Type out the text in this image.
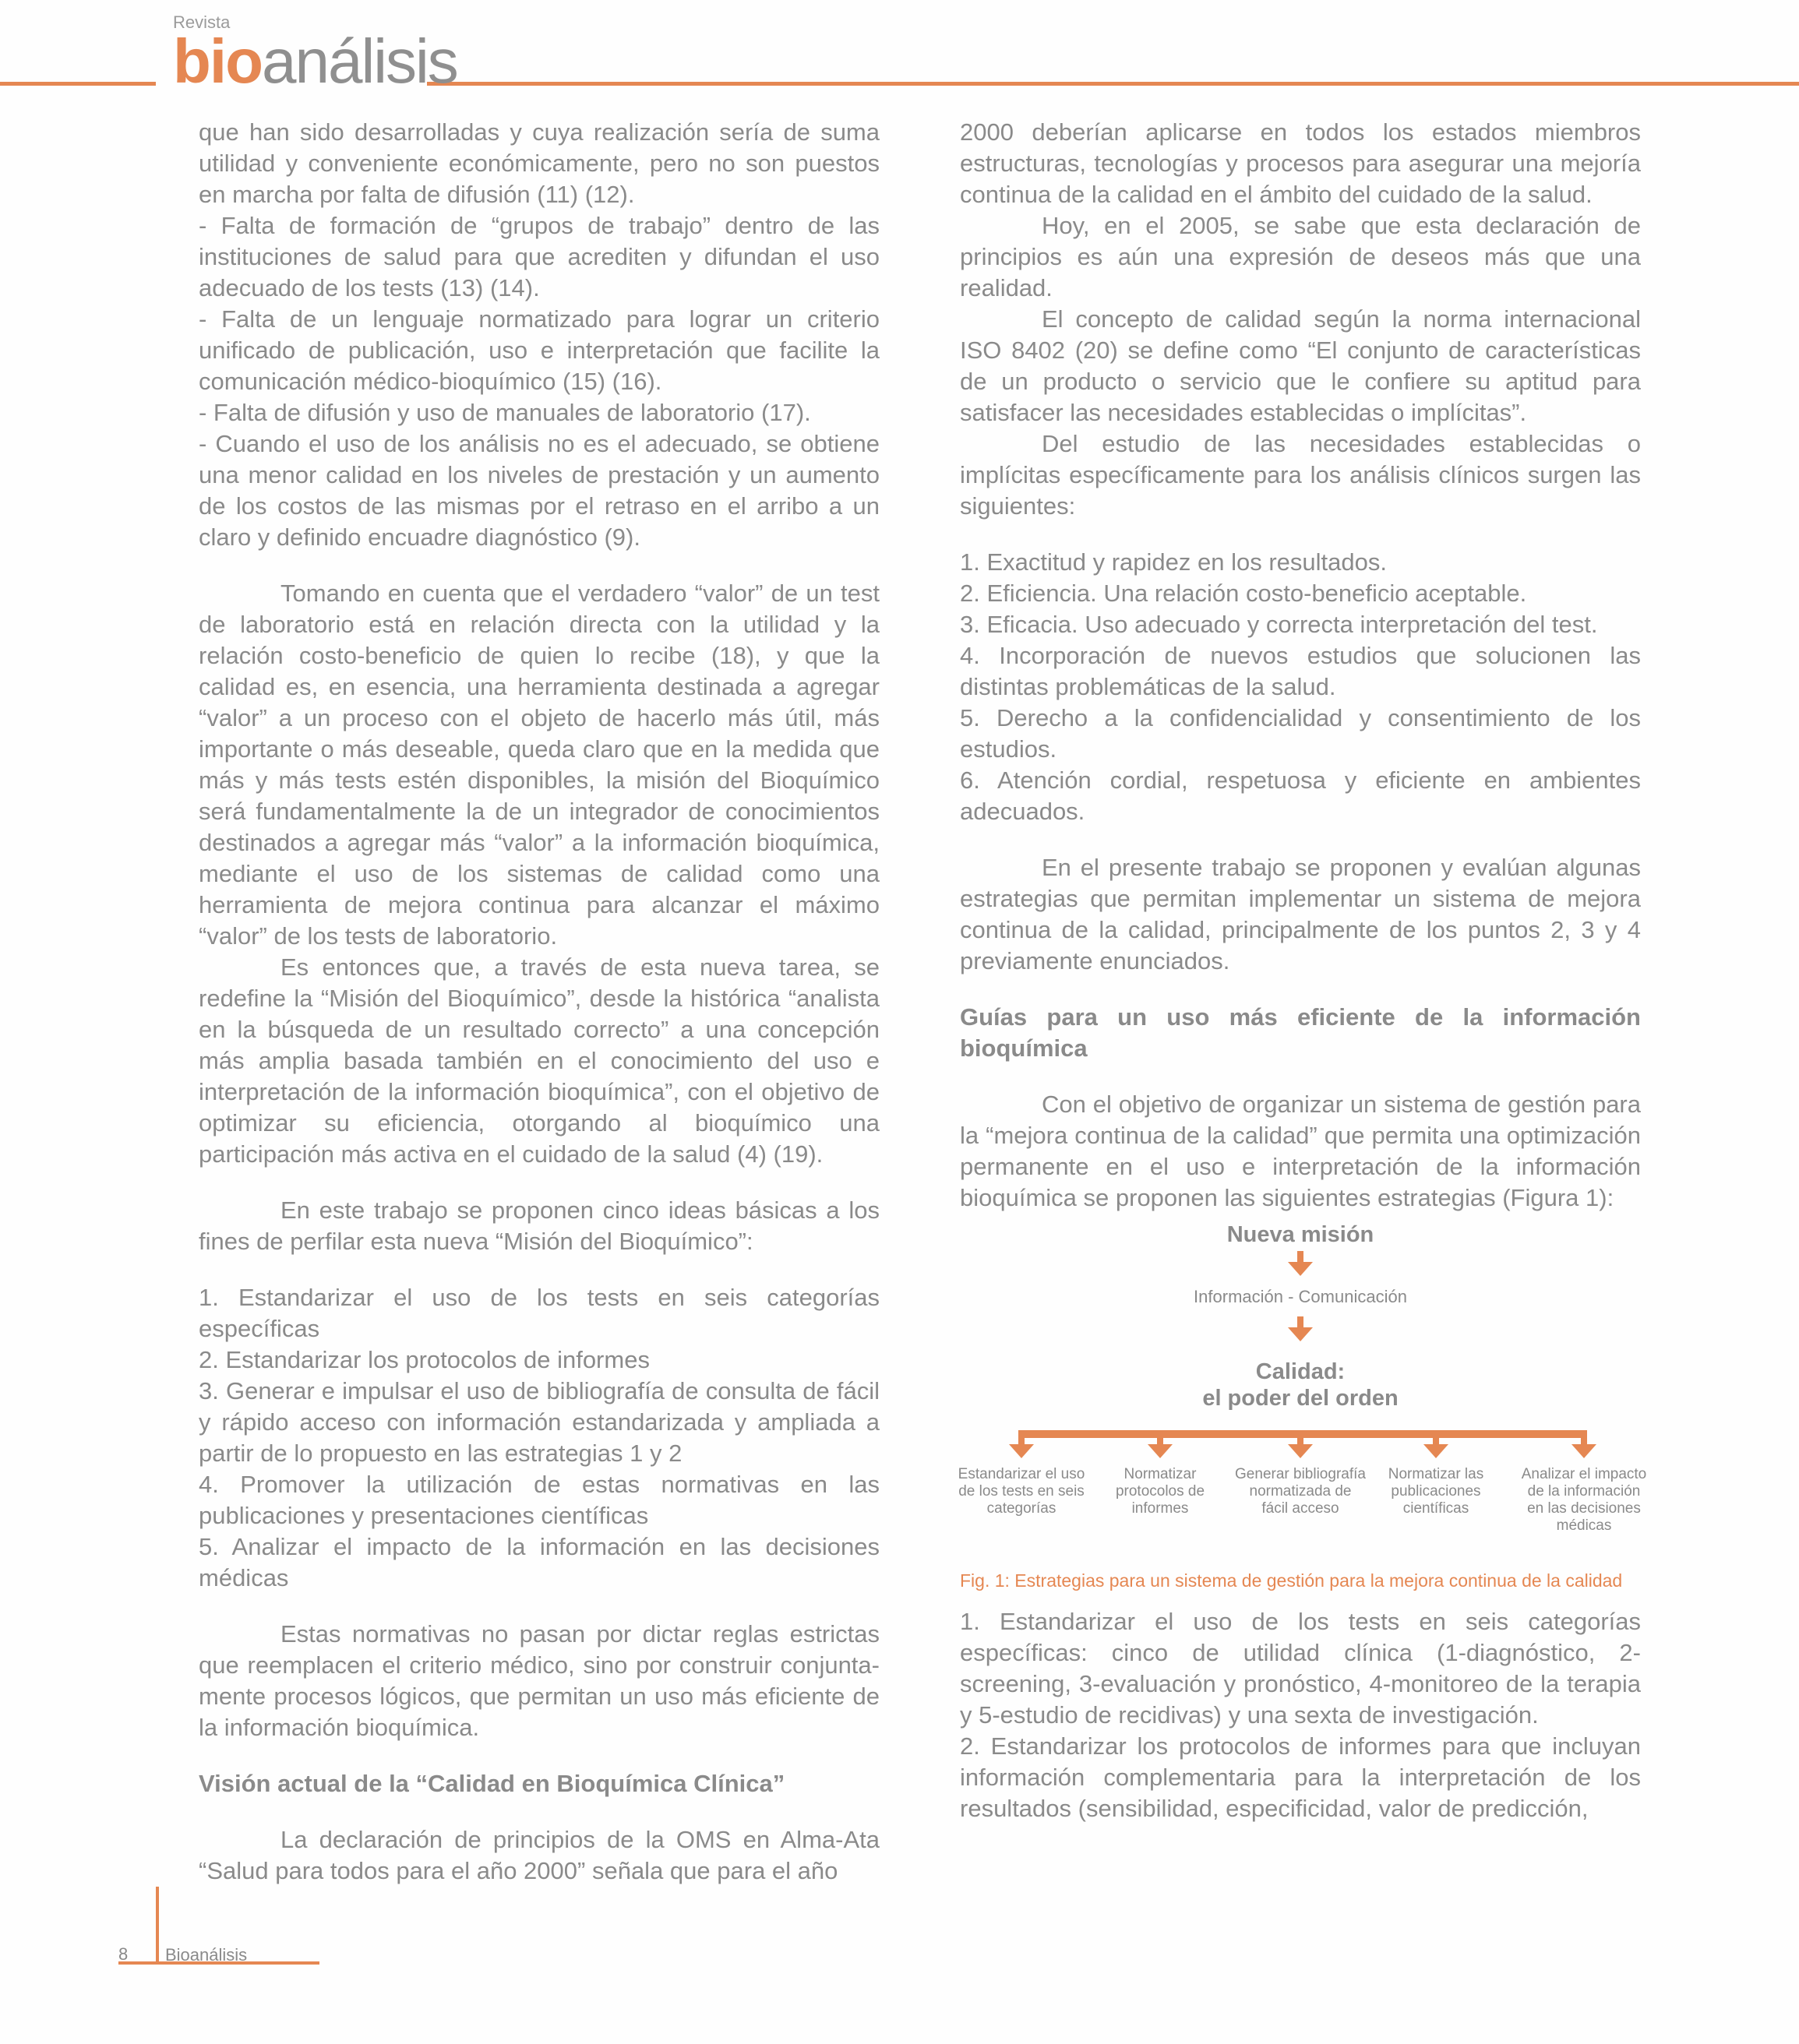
Revista
bioanálisis

que han sido desarrolladas y cuya realización sería de suma utilidad y conveniente económicamente, pero no son puestos en marcha por falta de difusión (11) (12).

- Falta de formación de “grupos de trabajo” dentro de las instituciones de salud para que acrediten y difundan el uso adecuado de los tests (13) (14).

- Falta de un lenguaje normatizado para lograr un criterio unificado de publicación, uso e interpretación que facilite la comunicación médico-bioquímico (15) (16).

- Falta de difusión y uso de manuales de laboratorio (17).

- Cuando el uso de los análisis no es el adecuado, se obtiene una menor calidad en los niveles de prestación y un aumento de los costos de las mismas por el retraso en el arribo a un claro y definido encuadre diagnóstico (9).

Tomando en cuenta que el verdadero “valor” de un test de laboratorio está en relación directa con la utilidad y la relación costo-beneficio de quien lo recibe (18), y que la calidad es, en esencia, una herramienta destinada a agregar “valor” a un proceso con el objeto de hacerlo más útil, más importante o más deseable, queda claro que en la medida que más y más tests estén disponibles, la misión del Bioquímico será fundamentalmente la de un integrador de conocimientos destinados a agregar más “valor” a la información bioquímica, mediante el uso de los sistemas de calidad como una herramienta de mejora continua para alcanzar el máximo “valor” de los tests de laboratorio.

Es entonces que, a través de esta nueva tarea, se redefine la “Misión del Bioquímico”, desde la histórica “analista en la búsqueda de un resultado correcto” a una concepción más amplia basada también en el conocimiento del uso e interpretación de la información bioquímica”, con el objetivo de optimizar su eficiencia, otorgando al bioquímico una participación más activa en el cuidado de la salud (4) (19).

En este trabajo se proponen cinco ideas básicas a los fines de perfilar esta nueva “Misión del Bioquímico”:

1. Estandarizar el uso de los tests en seis categorías específicas

2. Estandarizar los protocolos de informes

3. Generar e impulsar el uso de bibliografía de consulta de fácil y rápido acceso con información estandarizada y ampliada a partir de lo propuesto en las estrategias 1 y 2

4. Promover la utilización de estas normativas en las publicaciones y presentaciones científicas

5. Analizar el impacto de la información en las decisiones médicas

Estas normativas no pasan por dictar reglas estrictas que reemplacen el criterio médico, sino por construir conjunta-mente procesos lógicos, que permitan un uso más eficiente de la información bioquímica.

Visión actual de la “Calidad en Bioquímica Clínica”

La declaración de principios de la OMS en Alma-Ata “Salud para todos para el año 2000” señala que para el año

2000 deberían aplicarse en todos los estados miembros estructuras, tecnologías y procesos para asegurar una mejoría continua de la calidad en el ámbito del cuidado de la salud.

Hoy, en el 2005, se sabe que esta declaración de principios es aún una expresión de deseos más que una realidad.

El concepto de calidad según la norma internacional ISO 8402 (20) se define como “El conjunto de características de un producto o servicio que le confiere su aptitud para satisfacer las necesidades establecidas o implícitas”.

Del estudio de las necesidades establecidas o implícitas específicamente para los análisis clínicos surgen las siguientes:

1. Exactitud y rapidez en los resultados.

2. Eficiencia. Una relación costo-beneficio aceptable.

3. Eficacia. Uso adecuado y correcta interpretación del test.

4. Incorporación de nuevos estudios que solucionen las distintas problemáticas de la salud.

5. Derecho a la confidencialidad y consentimiento de los estudios.

6. Atención cordial, respetuosa y eficiente en ambientes adecuados.

En el presente trabajo se proponen y evalúan algunas estrategias que permitan implementar un sistema de mejora continua de la calidad, principalmente de los puntos 2, 3 y 4 previamente enunciados.

Guías para un uso más eficiente de la información bioquímica

Con el objetivo de organizar un sistema de gestión para la “mejora continua de la calidad” que permita una optimización permanente en el uso e interpretación de la información bioquímica se proponen las siguientes estrategias (Figura 1):

Nueva misión
Información - Comunicación
Calidad:
el poder del orden
Estandarizar el uso de los tests en seis categorías
Normatizar protocolos de informes
Generar bibliografía normatizada de fácil acceso
Normatizar las publicaciones científicas
Analizar el impacto de la información en las decisiones médicas

Fig. 1: Estrategias para un sistema de gestión para la mejora continua de la calidad

1. Estandarizar el uso de los tests en seis categorías específicas: cinco de utilidad clínica (1-diagnóstico, 2-screening, 3-evaluación y pronóstico, 4-monitoreo de la terapia y 5-estudio de recidivas) y una sexta de investigación.

2. Estandarizar los protocolos de informes para que incluyan información complementaria para la interpretación de los resultados (sensibilidad, especificidad, valor de predicción,

8 Bioanálisis
